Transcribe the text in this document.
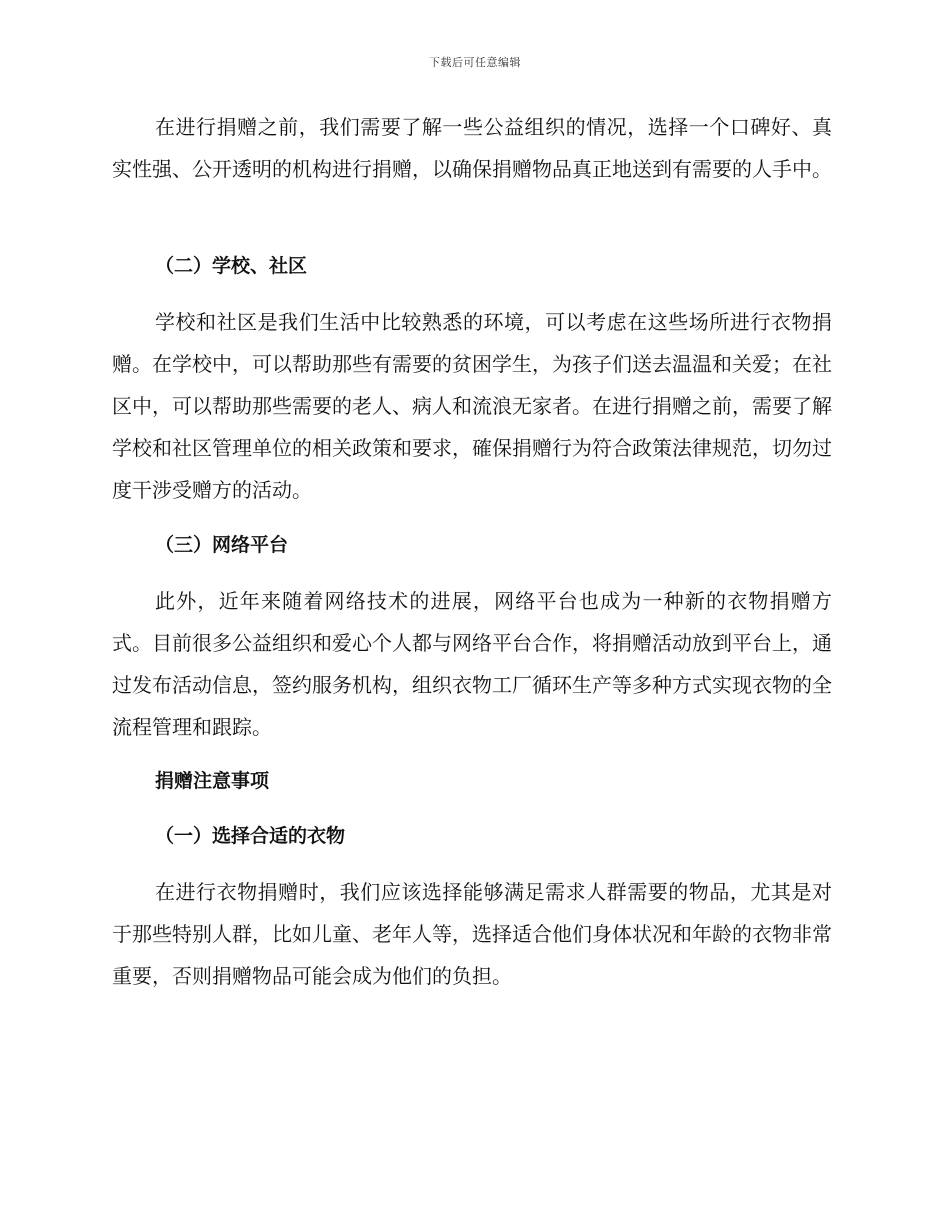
下载后可任意编辑

在进行捐赠之前，我们需要了解一些公益组织的情况，选择一个口碑好、真实性强、公开透明的机构进行捐赠，以确保捐赠物品真正地送到有需要的人手中。

（二）学校、社区

学校和社区是我们生活中比较熟悉的环境，可以考虑在这些场所进行衣物捐赠。在学校中，可以帮助那些有需要的贫困学生，为孩子们送去温温和关爱；在社区中，可以帮助那些需要的老人、病人和流浪无家者。在进行捐赠之前，需要了解学校和社区管理单位的相关政策和要求，確保捐赠行为符合政策法律规范，切勿过度干涉受赠方的活动。

（三）网络平台

此外，近年来随着网络技术的进展，网络平台也成为一种新的衣物捐赠方式。目前很多公益组织和爱心个人都与网络平台合作，将捐赠活动放到平台上，通过发布活动信息，签约服务机构，组织衣物工厂循环生产等多种方式实现衣物的全流程管理和跟踪。

捐赠注意事项

（一）选择合适的衣物

在进行衣物捐赠时，我们应该选择能够满足需求人群需要的物品，尤其是对于那些特别人群，比如儿童、老年人等，选择适合他们身体状况和年龄的衣物非常重要，否则捐赠物品可能会成为他们的负担。
